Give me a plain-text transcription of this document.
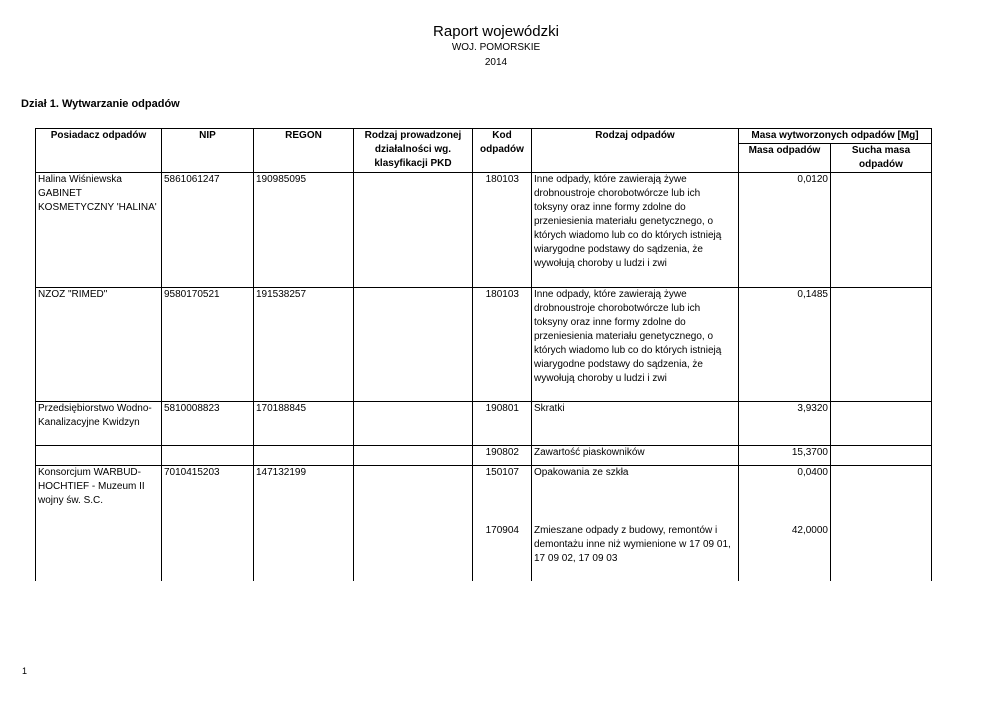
Raport wojewódzki
WOJ. POMORSKIE
2014
Dział 1. Wytwarzanie odpadów
Posiadacz odpadów	NIP	REGON	Rodzaj prowadzonej działalności wg. klasyfikacji PKD	Kod odpadów	Rodzaj odpadów	Masa wytworzonych odpadów [Mg]	
						Masa odpadów	Sucha masa odpadów
Halina Wiśniewska GABINET KOSMETYCZNY 'HALINA'	5861061247	190985095		180103	Inne odpady, które zawierają żywe drobnoustroje chorobotwórcze lub ich toksyny oraz inne formy zdolne do przeniesienia materiału genetycznego, o których wiadomo lub co do których istnieją wiarygodne podstawy do sądzenia, że wywołują choroby u ludzi i zwi	0,0120	
NZOZ "RIMED"	9580170521	191538257		180103	Inne odpady, które zawierają żywe drobnoustroje chorobotwórcze lub ich toksyny oraz inne formy zdolne do przeniesienia materiału genetycznego, o których wiadomo lub co do których istnieją wiarygodne podstawy do sądzenia, że wywołują choroby u ludzi i zwi	0,1485	
Przedsiębiorstwo Wodno-Kanalizacyjne Kwidzyn	5810008823	170188845		190801	Skratki	3,9320	
				190802	Zawartość piaskowników	15,3700	
Konsorcjum WARBUD-HOCHTIEF - Muzeum II wojny św. S.C.	7010415203	147132199		150107	Opakowania ze szkła	0,0400	
				170904	Zmieszane odpady z budowy, remontów i demontażu inne niż wymienione w 17 09 01, 17 09 02, 17 09 03	42,0000	
1
